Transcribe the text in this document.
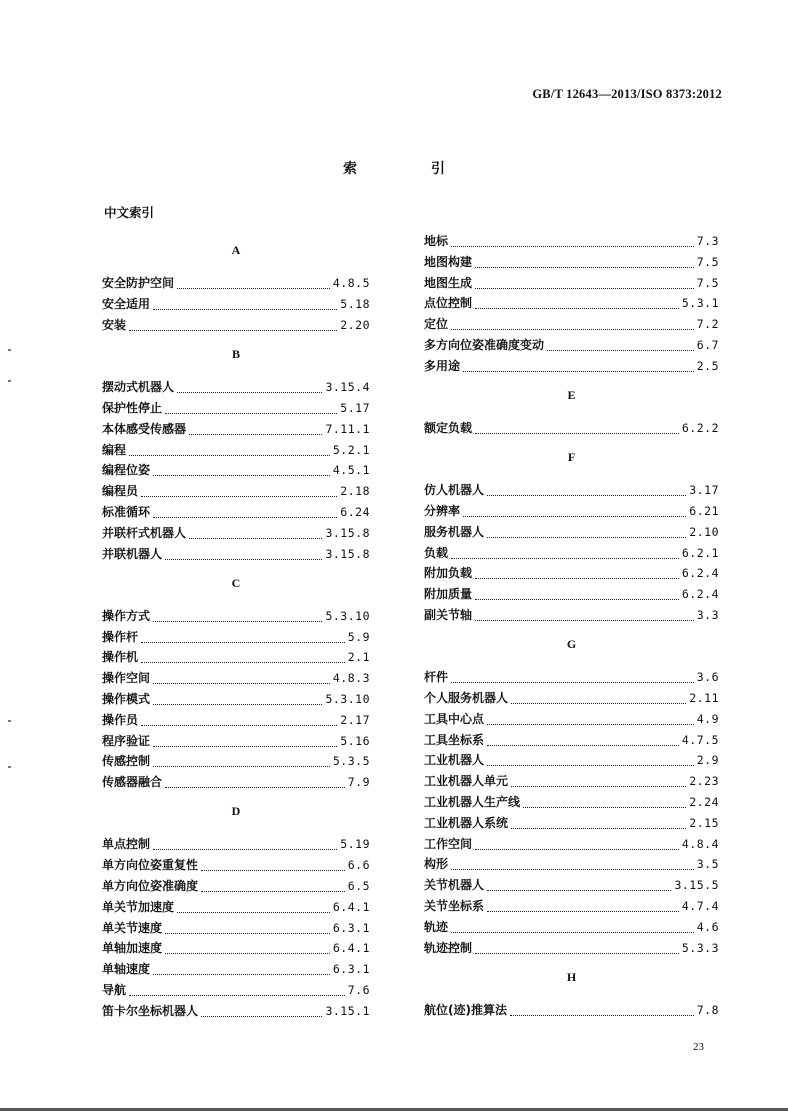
GB/T 12643—2013/ISO 8373:2012
索　引
中文索引
A
安全防护空间	4.8.5
安全适用	5.18
安装	2.20
B
摆动式机器人	3.15.4
保护性停止	5.17
本体感受传感器	7.11.1
编程	5.2.1
编程位姿	4.5.1
编程员	2.18
标准循环	6.24
并联杆式机器人	3.15.8
并联机器人	3.15.8
C
操作方式	5.3.10
操作杆	5.9
操作机	2.1
操作空间	4.8.3
操作模式	5.3.10
操作员	2.17
程序验证	5.16
传感控制	5.3.5
传感器融合	7.9
D
单点控制	5.19
单方向位姿重复性	6.6
单方向位姿准确度	6.5
单关节加速度	6.4.1
单关节速度	6.3.1
单轴加速度	6.4.1
单轴速度	6.3.1
导航	7.6
笛卡尔坐标机器人	3.15.1
地标	7.3
地图构建	7.5
地图生成	7.5
点位控制	5.3.1
定位	7.2
多方向位姿准确度变动	6.7
多用途	2.5
E
额定负载	6.2.2
F
仿人机器人	3.17
分辨率	6.21
服务机器人	2.10
负载	6.2.1
附加负载	6.2.4
附加质量	6.2.4
副关节轴	3.3
G
杆件	3.6
个人服务机器人	2.11
工具中心点	4.9
工具坐标系	4.7.5
工业机器人	2.9
工业机器人单元	2.23
工业机器人生产线	2.24
工业机器人系统	2.15
工作空间	4.8.4
构形	3.5
关节机器人	3.15.5
关节坐标系	4.7.4
轨迹	4.6
轨迹控制	5.3.3
H
航位(迹)推算法	7.8
23
